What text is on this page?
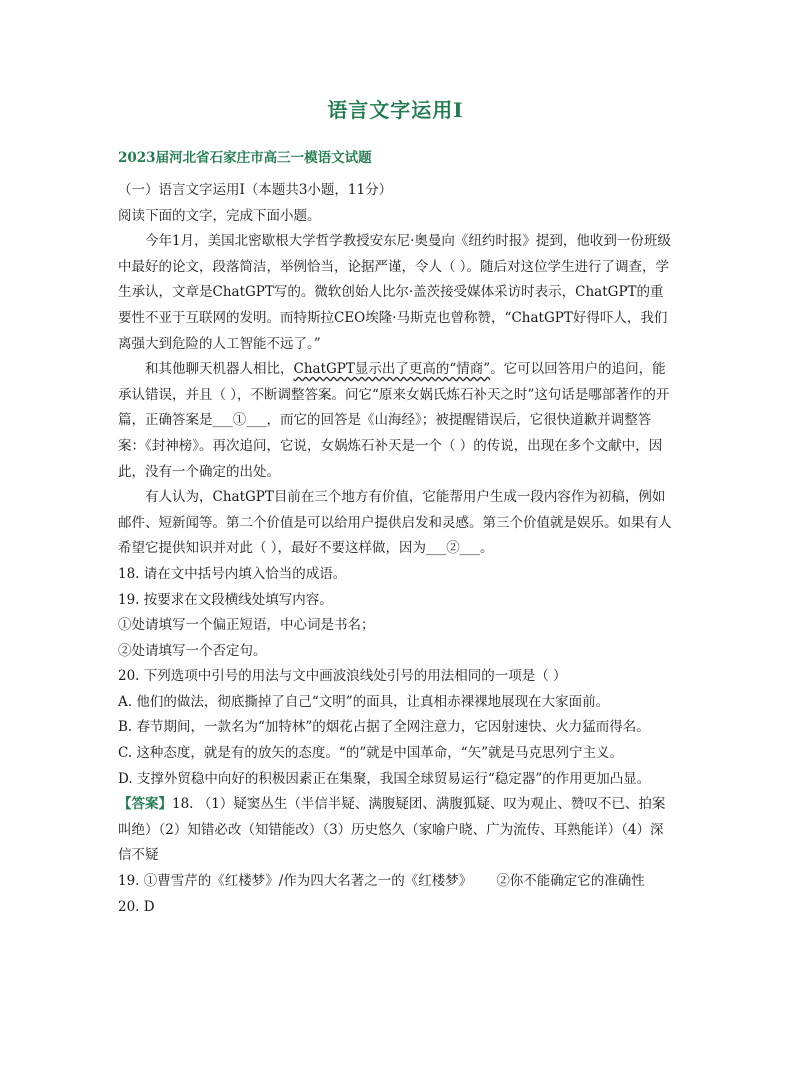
语言文字运用Ⅰ
2023届河北省石家庄市高三一模语文试题

（一）语言文字运用Ⅰ（本题共3小题，11分）

阅读下面的文字，完成下面小题。

今年1月，美国北密歇根大学哲学教授安东尼·奥曼向《纽约时报》提到，他收到一份班级中最好的论文，段落简洁，举例恰当，论据严谨，令人（ ）。随后对这位学生进行了调查，学生承认，文章是ChatGPT写的。微软创始人比尔·盖茨接受媒体采访时表示，ChatGPT的重要性不亚于互联网的发明。而特斯拉CEO埃隆·马斯克也曾称赞，“ChatGPT好得吓人，我们离强大到危险的人工智能不远了。”

和其他聊天机器人相比，ChatGPT显示出了更高的“情商”。它可以回答用户的追问，能承认错误，并且（ ），不断调整答案。问它“原来女娲氏炼石补天之时”这句话是哪部著作的开篇，正确答案是___①___，而它的回答是《山海经》；被提醒错误后，它很快道歉并调整答案：《封神榜》。再次追问，它说，女娲炼石补天是一个（ ）的传说，出现在多个文献中，因此，没有一个确定的出处。

有人认为，ChatGPT目前在三个地方有价值，它能帮用户生成一段内容作为初稿，例如邮件、短新闻等。第二个价值是可以给用户提供启发和灵感。第三个价值就是娱乐。如果有人希望它提供知识并对此（ ），最好不要这样做，因为___②___。

18. 请在文中括号内填入恰当的成语。

19. 按要求在文段横线处填写内容。

①处请填写一个偏正短语，中心词是书名；

②处请填写一个否定句。

20. 下列选项中引号的用法与文中画波浪线处引号的用法相同的一项是（ ）

A. 他们的做法，彻底撕掉了自己“文明”的面具，让真相赤裸裸地展现在大家面前。

B. 春节期间，一款名为“加特林”的烟花占据了全网注意力，它因射速快、火力猛而得名。

C. 这种态度，就是有的放矢的态度。“的”就是中国革命，“矢”就是马克思列宁主义。

D. 支撑外贸稳中向好的积极因素正在集聚，我国全球贸易运行“稳定器”的作用更加凸显。

【答案】18. （1）疑窦丛生（半信半疑、满腹疑团、满腹狐疑、叹为观止、赞叹不已、拍案叫绝）（2）知错必改（知错能改）（3）历史悠久（家喻户晓、广为流传、耳熟能详）（4）深信不疑

19. ①曹雪芹的《红楼梦》/作为四大名著之一的《红楼梦》 ②你不能确定它的准确性

20. D
